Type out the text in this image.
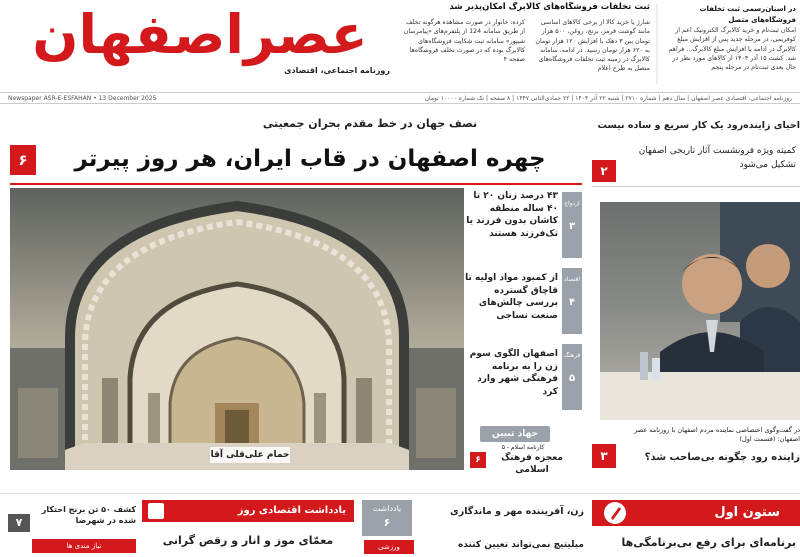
عصراصفهان
روزنامه اجتماعی، اقتصادی

کرده، خانوار در صورت مشاهده هرگونه تخلف از طریق سامانه 124 از پلتفرم‌های «پیامرسان شیپور» سامانه ثبت شکایت فروشگاه‌های کالابرگ بوده که در صورت تخلف فروشگاه‌ها صفحه ۴

شارژ یا خرید کالا از برخی کالاهای اساسی مانند گوشت قرمز، برنج، روغن، ۵۰۰ هزار تومان بین ۳ دهک با افزایش ۱۲۰ هزار تومان به ۶۲۰ هزار تومان رسید. در ادامه، سامانه کالابرگ در زمینه ثبت تخلفات فروشگاه‌های متصل به طرح اعلام

ثبت تخلفات فروشگاه‌های کالابرگ امکان‌پذیر شد	در اسنان‌رسمی ثبت تخلفات فروشگاه‌های متصل

امکان ثبت‌نام و خرید کالابرگ الکترونیک اعم از کوفریمی، در مرحله جدید پس از افزایش مبلغ کالابرگ در ادامه با افزایش مبلغ کالابرگ... فراهم شد. کشت ۱۵ آذر ۱۴۰۴ از کالاهای مورد نظر در حال بعدی ثبت‌نام در مرحله پنجم

Newspaper ASR-E-ESFAHAN • 13 December 2025	روزنامه اجتماعی، اقتصادی عصر اصفهان | سال دهم | شماره ۲۷۱۰ | شنبه ۲۲ آذر ۱۴۰۴ | ۲۲ جمادی‌الثانی ۱۴۴۷ | ۸ صفحه | تک شماره ۱۰۰۰۰ تومان
نصف جهان در خط مقدم بحران جمعیتی
۶	چهره اصفهان در قاب ایران، هر روز پیرتر
حمام علی‌قلی آقا
ازدواج
۳
۴۳ درصد زنان ۲۰ تا ۴۰ ساله منطقه کاشان بدون فرزند یا تک‌فرزند هستند
اقتصاد
۴
از کمبود مواد اولیه تا قاچاق گسترده بررسی چالش‌های صنعت نساجی
فرهنگ
۵
اصفهان الگوی سوم زن را به برنامه فرهنگی شهر وارد کرد
جهاد تبیین
کارنامه اسلام - ۵
معجزه فرهنگ اسلامی
۶
احیای زاینده‌رود یک کار سریع و ساده نیست
کمیته ویژه فرونشست آثار تاریخی اصفهان تشکیل می‌شود
۲
در گفت‌وگوی اختصاصی نماینده مردم اصفهان با روزنامه عصر اصفهان: (قسمت اول)
زاینده رود چگونه بی‌صاحب شد؟
۳
۷
کشف ۵۰ تن برنج احتکار شده در شهرضا
نیاز مندی ها
یادداشت اقتصادی روز
معمّای موز و انار و رقص گرانی
یادداشت
۶
زن، آفریننده مهر و ماندگاری
ورزشی	میلیتیچ نمی‌تواند تعیین کننده
ستون اول
برنامه‌ای برای رفع بی‌برنامگی‌ها
